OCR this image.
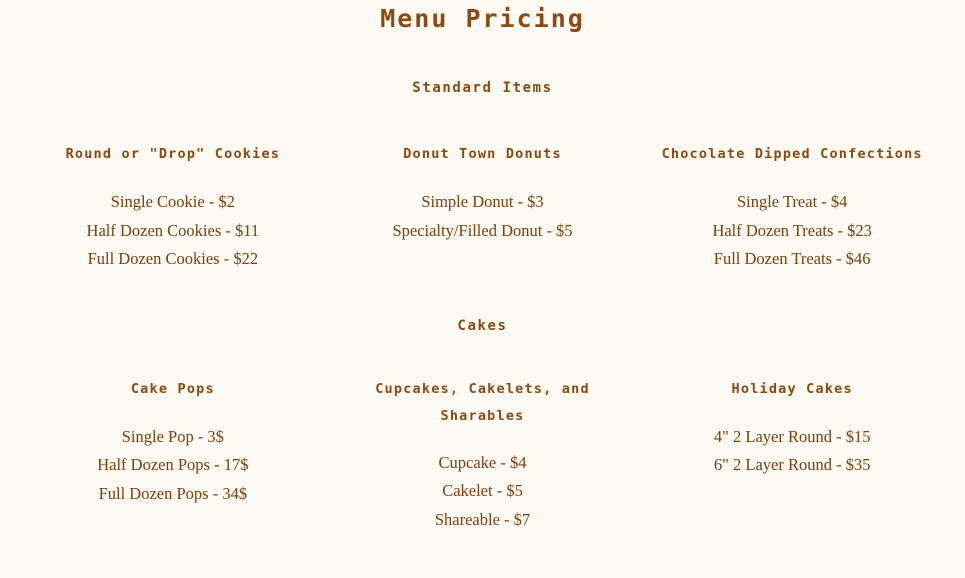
Menu Pricing
Standard Items
Round or "Drop" Cookies
Single Cookie - $2
Half Dozen Cookies - $11
Full Dozen Cookies - $22
Donut Town Donuts
Simple Donut - $3
Specialty/Filled Donut - $5
Chocolate Dipped Confections
Single Treat - $4
Half Dozen Treats - $23
Full Dozen Treats - $46
Cakes
Cake Pops
Single Pop - 3$
Half Dozen Pops - 17$
Full Dozen Pops - 34$
Cupcakes, Cakelets, and Sharables
Cupcake - $4
Cakelet - $5
Shareable - $7
Holiday Cakes
4" 2 Layer Round - $15
6" 2 Layer Round - $35
